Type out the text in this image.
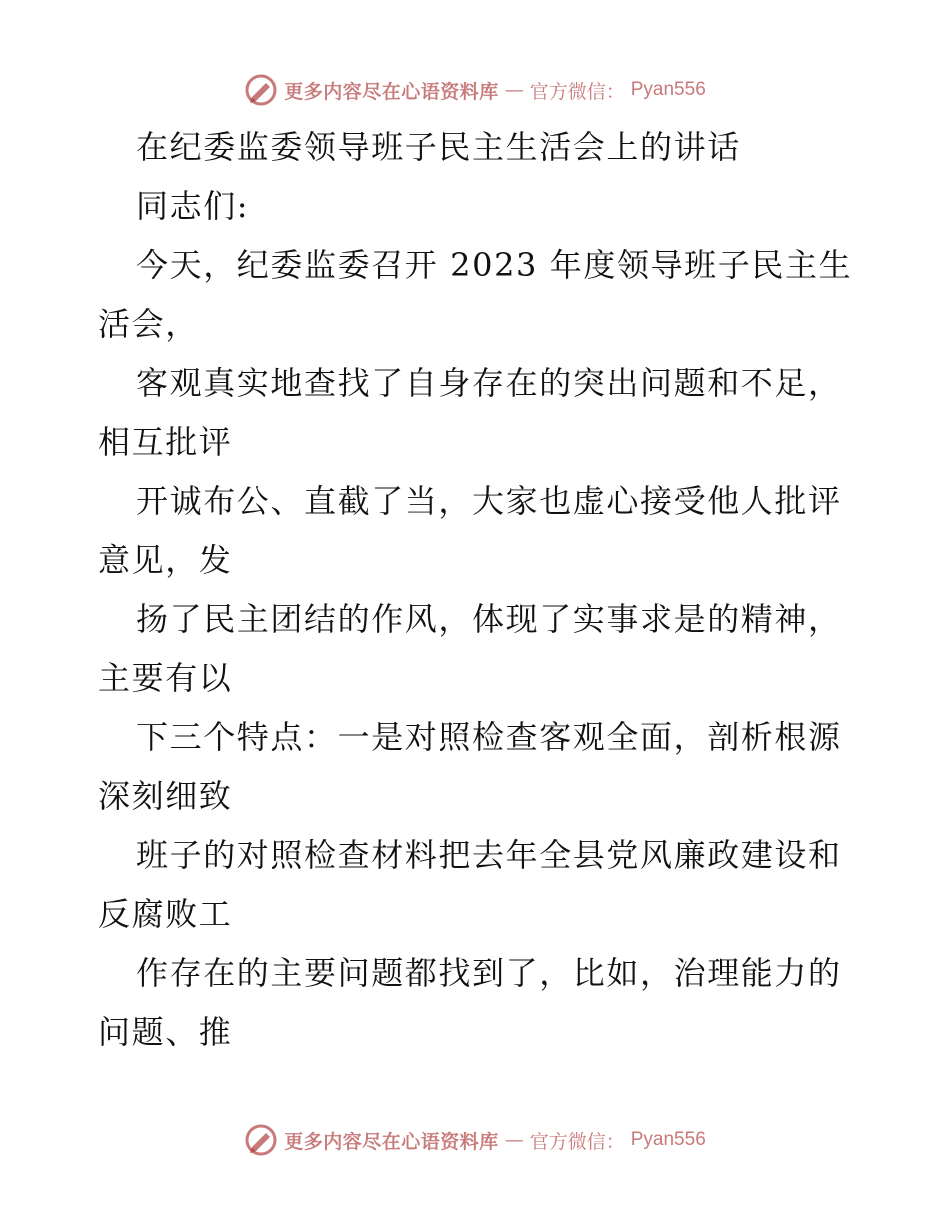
更多内容尽在心语资料库 — 官方微信： Pyan556
在纪委监委领导班子民主生活会上的讲话
同志们:
今天，纪委监委召开 2023 年度领导班子民主生
活会，
客观真实地查找了自身存在的突出问题和不足，
相互批评
开诚布公、直截了当，大家也虚心接受他人批评
意见，发
扬了民主团结的作风，体现了实事求是的精神，
主要有以
下三个特点：一是对照检查客观全面，剖析根源
深刻细致
班子的对照检查材料把去年全县党风廉政建设和
反腐败工
作存在的主要问题都找到了，比如，治理能力的
问题、推
更多内容尽在心语资料库 — 官方微信： Pyan556
